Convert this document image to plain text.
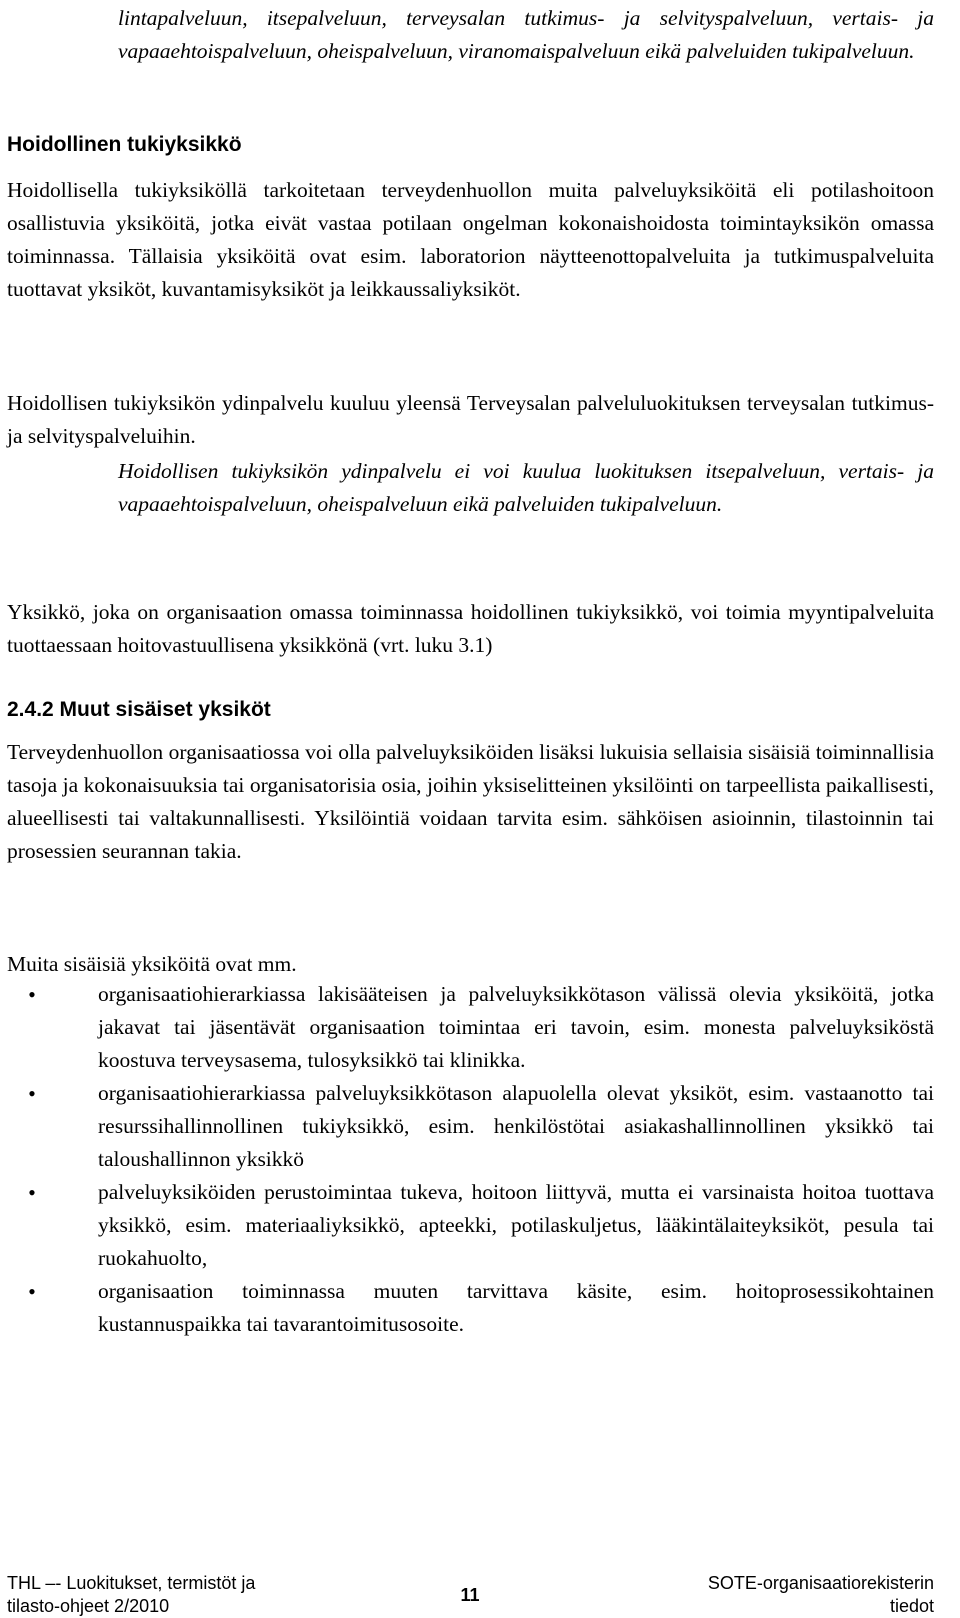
lintapalveluun, itsepalveluun, terveysalan tutkimus- ja selvityspalveluun, vertais- ja vapaaehtoispalveluun, oheispalveluun, viranomaispalveluun eikä palveluiden tukipalveluun.

Hoidollinen tukiyksikkö

Hoidollisella tukiyksiköllä tarkoitetaan terveydenhuollon muita palveluyksiköitä eli potilashoitoon osallistuvia yksiköitä, jotka eivät vastaa potilaan ongelman kokonaishoidosta toimintayksikön omassa toiminnassa. Tällaisia yksiköitä ovat esim. laboratorion näytteenottopalveluita ja tutkimuspalveluita tuottavat yksiköt, kuvantamisyksiköt ja leikkaussaliyksiköt.

Hoidollisen tukiyksikön ydinpalvelu kuuluu yleensä Terveysalan palveluluokituksen terveysalan tutkimus- ja selvityspalveluihin.

Hoidollisen tukiyksikön ydinpalvelu ei voi kuulua luokituksen itsepalveluun, vertais- ja vapaaehtoispalveluun, oheispalveluun eikä palveluiden tukipalveluun.

Yksikkö, joka on organisaation omassa toiminnassa hoidollinen tukiyksikkö, voi toimia myyntipalveluita tuottaessaan hoitovastuullisena yksikkönä (vrt. luku 3.1)

2.4.2 Muut sisäiset yksiköt

Terveydenhuollon organisaatiossa voi olla palveluyksiköiden lisäksi lukuisia sellaisia sisäisiä toiminnallisia tasoja ja kokonaisuuksia tai organisatorisia osia, joihin yksiselitteinen yksilöinti on tarpeellista paikallisesti, alueellisesti tai valtakunnallisesti. Yksilöintiä voidaan tarvita esim. sähköisen asioinnin, tilastoinnin tai prosessien seurannan takia.

Muita sisäisiä yksiköitä ovat mm.

•	organisaatiohierarkiassa lakisääteisen ja palveluyksikkötason välissä olevia yksiköitä, jotka jakavat tai jäsentävät organisaation toimintaa eri tavoin, esim. monesta palveluyksiköstä koostuva terveysasema, tulosyksikkö tai klinikka.
•	organisaatiohierarkiassa palveluyksikkötason alapuolella olevat yksiköt, esim. vastaanotto tai resurssihallinnollinen tukiyksikkö, esim. henkilöstötai asiakashallinnollinen yksikkö tai taloushallinnon yksikkö
•	palveluyksiköiden perustoimintaa tukeva, hoitoon liittyvä, mutta ei varsinaista hoitoa tuottava yksikkö, esim. materiaaliyksikkö, apteekki, potilaskuljetus, lääkintälaiteyksiköt, pesula tai ruokahuolto,
•	organisaation toiminnassa muuten tarvittava käsite, esim. hoitoprosessikohtainen kustannuspaikka tai tavarantoimitusosoite.
THL –- Luokitukset, termistöt ja
tilasto-ohjeet 2/2010
11
SOTE-organisaatiorekisterin
tiedot
